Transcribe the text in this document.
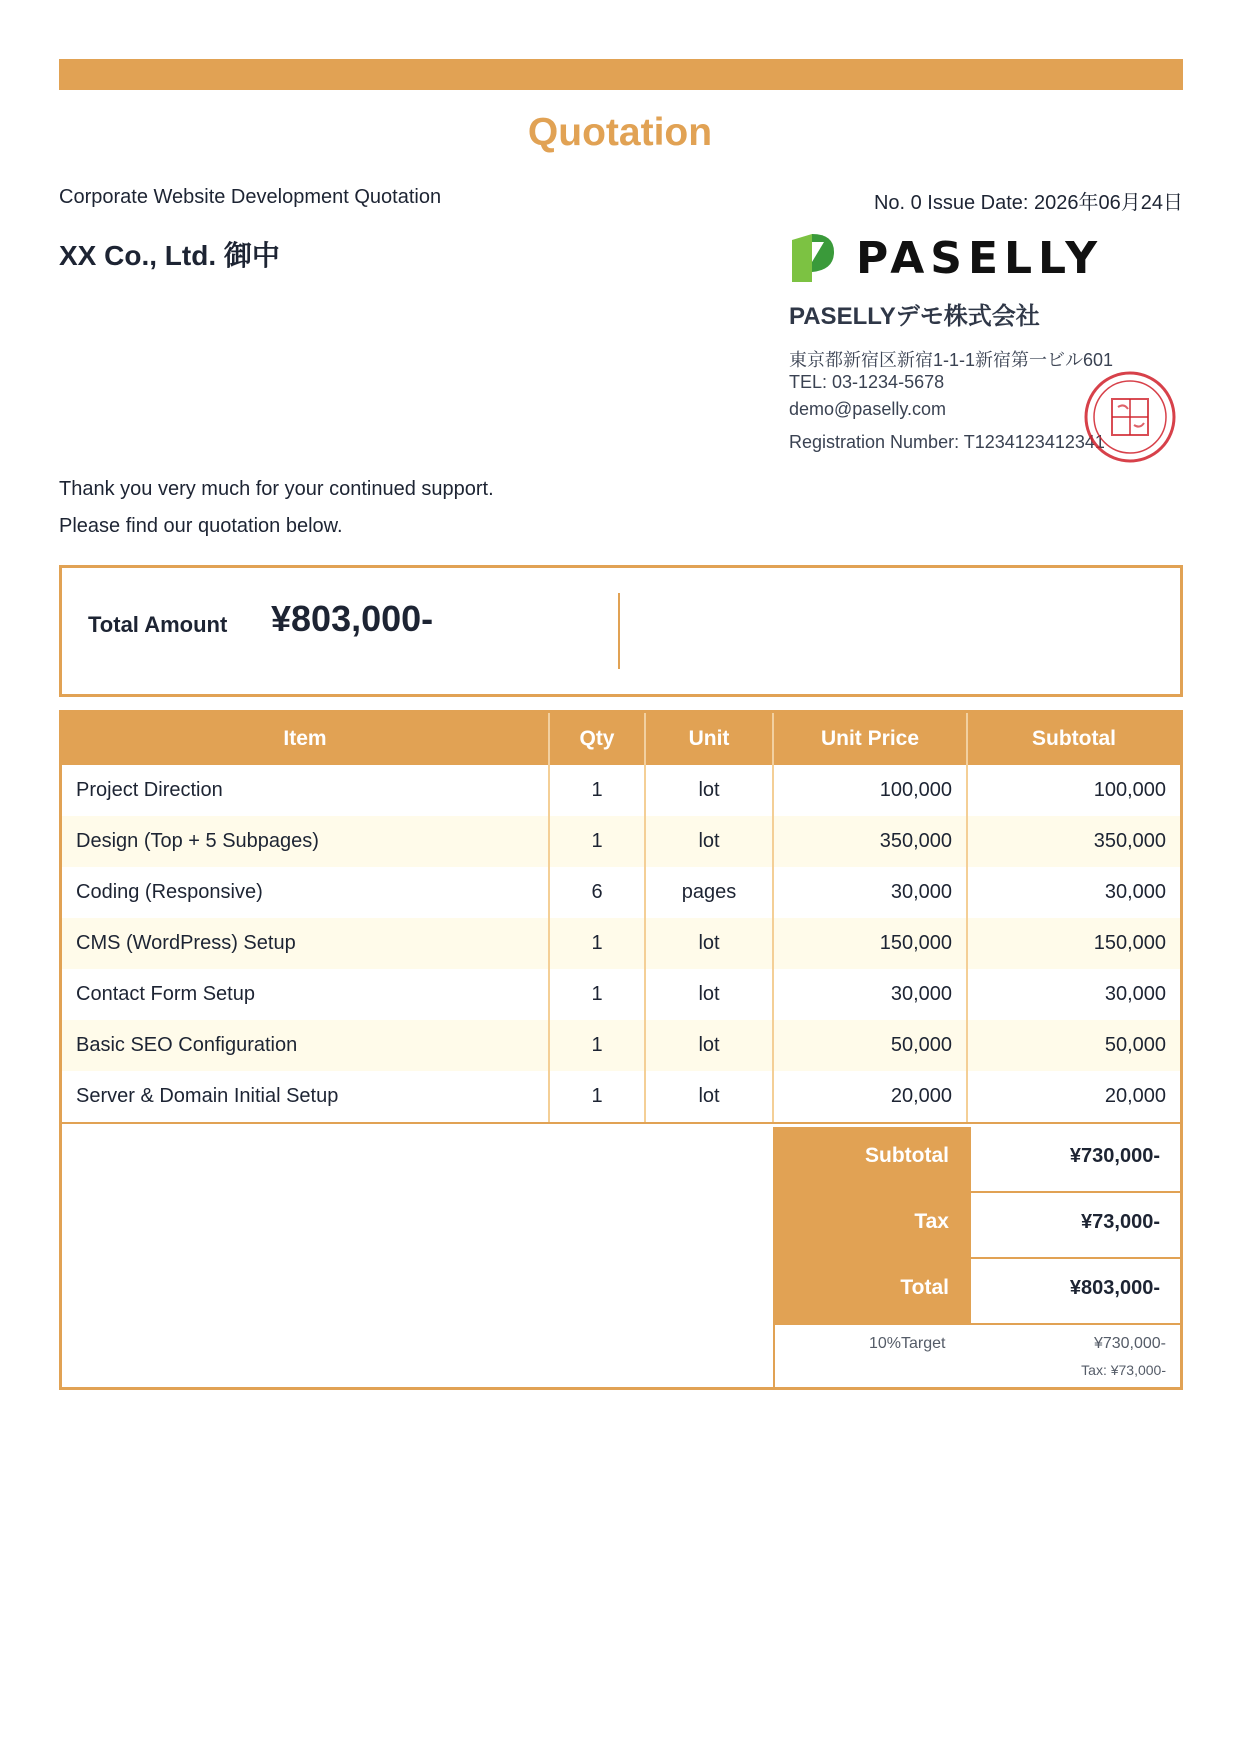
Quotation
Corporate Website Development Quotation	No. 0 Issue Date: 2026年06月24日
XX Co., Ltd. 御中	PASELLY
PASELLYデモ株式会社
東京都新宿区新宿1-1-1新宿第一ビル601
TEL: 03-1234-5678
demo@paselly.com
Registration Number: T1234123412341
Thank you very much for your continued support.
Please find our quotation below.
Total Amount ¥803,000-
Item	Qty	Unit	Unit Price	Subtotal
Project Direction	1	lot	100,000	100,000
Design (Top + 5 Subpages)	1	lot	350,000	350,000
Coding (Responsive)	6	pages	30,000	30,000
CMS (WordPress) Setup	1	lot	150,000	150,000
Contact Form Setup	1	lot	30,000	30,000
Basic SEO Configuration	1	lot	50,000	50,000
Server & Domain Initial Setup	1	lot	20,000	20,000
Subtotal	¥730,000-
Tax	¥73,000-
Total	¥803,000-
10%Target	¥730,000-
Tax: ¥73,000-
